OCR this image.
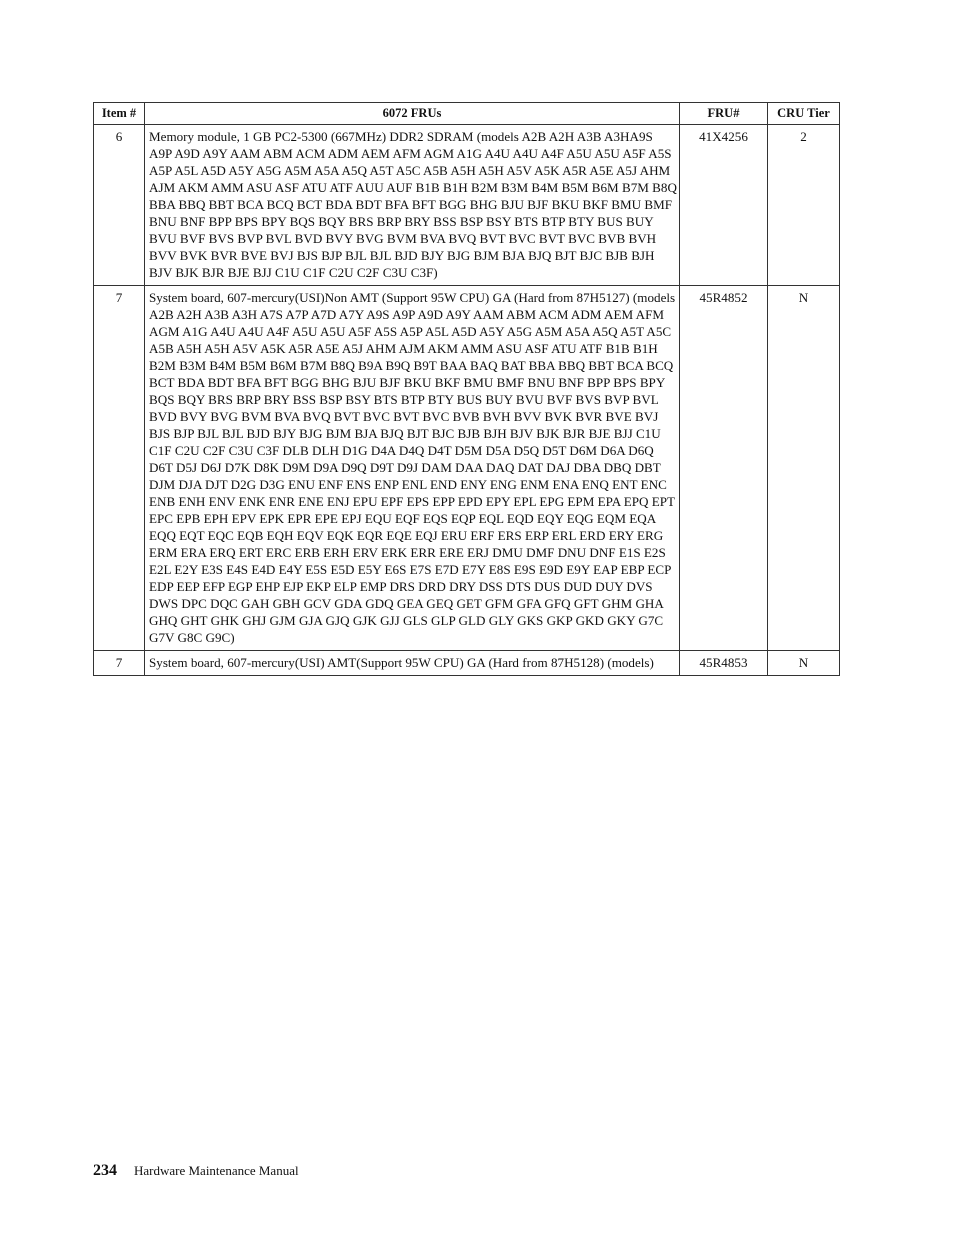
Item #	6072 FRUs	FRU#	CRU Tier
6	Memory module, 1 GB PC2-5300 (667MHz) DDR2 SDRAM (models A2B A2H A3B A3HA9S A9P A9D A9Y AAM ABM ACM ADM AEM AFM AGM A1G A4U A4U A4F A5U A5U A5F A5S A5P A5L A5D A5Y A5G A5M A5A A5Q A5T A5C A5B A5H A5H A5V A5K A5R A5E A5J AHM AJM AKM AMM ASU ASF ATU ATF AUU AUF B1B B1H B2M B3M B4M B5M B6M B7M B8Q BBA BBQ BBT BCA BCQ BCT BDA BDT BFA BFT BGG BHG BJU BJF BKU BKF BMU BMF BNU BNF BPP BPS BPY BQS BQY BRS BRP BRY BSS BSP BSY BTS BTP BTY BUS BUY BVU BVF BVS BVP BVL BVD BVY BVG BVM BVA BVQ BVT BVC BVT BVC BVB BVH BVV BVK BVR BVE BVJ BJS BJP BJL BJL BJD BJY BJG BJM BJA BJQ BJT BJC BJB BJH BJV BJK BJR BJE BJJ C1U C1F C2U C2F C3U C3F)	41X4256	2
7	System board, 607-mercury(USI)Non AMT (Support 95W CPU) GA (Hard from 87H5127) (models A2B A2H A3B A3H A7S A7P A7D A7Y A9S A9P A9D A9Y AAM ABM ACM ADM AEM AFM AGM A1G A4U A4U A4F A5U A5U A5F A5S A5P A5L A5D A5Y A5G A5M A5A A5Q A5T A5C A5B A5H A5H A5V A5K A5R A5E A5J AHM AJM AKM AMM ASU ASF ATU ATF B1B B1H B2M B3M B4M B5M B6M B7M B8Q B9A B9Q B9T BAA BAQ BAT BBA BBQ BBT BCA BCQ BCT BDA BDT BFA BFT BGG BHG BJU BJF BKU BKF BMU BMF BNU BNF BPP BPS BPY BQS BQY BRS BRP BRY BSS BSP BSY BTS BTP BTY BUS BUY BVU BVF BVS BVP BVL BVD BVY BVG BVM BVA BVQ BVT BVC BVT BVC BVB BVH BVV BVK BVR BVE BVJ BJS BJP BJL BJL BJD BJY BJG BJM BJA BJQ BJT BJC BJB BJH BJV BJK BJR BJE BJJ C1U C1F C2U C2F C3U C3F DLB DLH D1G D4A D4Q D4T D5M D5A D5Q D5T D6M D6A D6Q D6T D5J D6J D7K D8K D9M D9A D9Q D9T D9J DAM DAA DAQ DAT DAJ DBA DBQ DBT DJM DJA DJT D2G D3G ENU ENF ENS ENP ENL END ENY ENG ENM ENA ENQ ENT ENC ENB ENH ENV ENK ENR ENE ENJ EPU EPF EPS EPP EPD EPY EPL EPG EPM EPA EPQ EPT EPC EPB EPH EPV EPK EPR EPE EPJ EQU EQF EQS EQP EQL EQD EQY EQG EQM EQA EQQ EQT EQC EQB EQH EQV EQK EQR EQE EQJ ERU ERF ERS ERP ERL ERD ERY ERG ERM ERA ERQ ERT ERC ERB ERH ERV ERK ERR ERE ERJ DMU DMF DNU DNF E1S E2S E2L E2Y E3S E4S E4D E4Y E5S E5D E5Y E6S E7S E7D E7Y E8S E9S E9D E9Y EAP EBP ECP EDP EEP EFP EGP EHP EJP EKP ELP EMP DRS DRD DRY DSS DTS DUS DUD DUY DVS DWS DPC DQC GAH GBH GCV GDA GDQ GEA GEQ GET GFM GFA GFQ GFT GHM GHA GHQ GHT GHK GHJ GJM GJA GJQ GJK GJJ GLS GLP GLD GLY GKS GKP GKD GKY G7C G7V G8C G9C)	45R4852	N
7	System board, 607-mercury(USI) AMT(Support 95W CPU) GA (Hard from 87H5128) (models)	45R4853	N
234 Hardware Maintenance Manual
